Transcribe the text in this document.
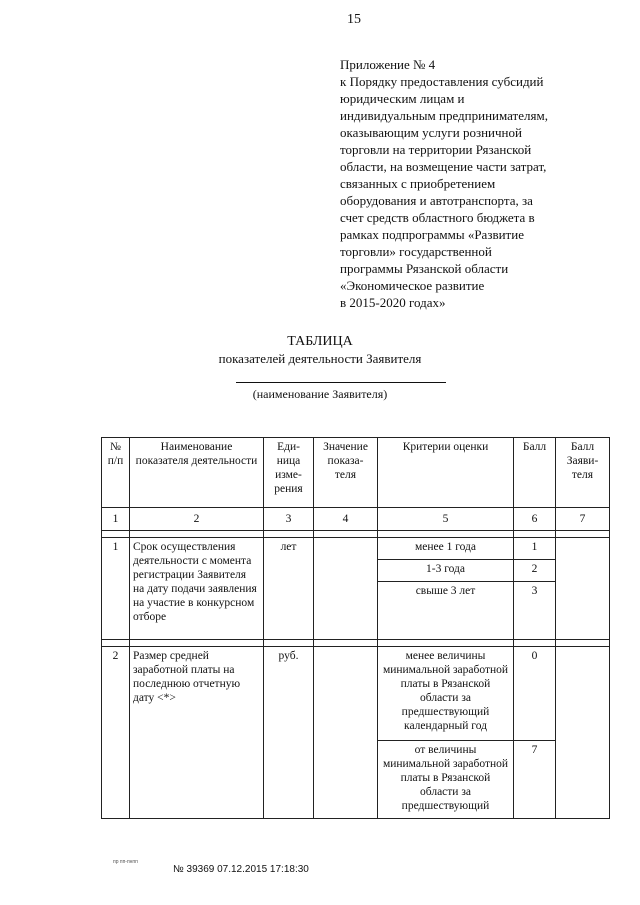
15
Приложение № 4
к Порядку предоставления субсидий
юридическим лицам и
индивидуальным предпринимателям,
оказывающим услуги розничной
торговли на территории Рязанской
области, на возмещение части затрат,
связанных с приобретением
оборудования и автотранспорта, за
счет средств областного бюджета в
рамках подпрограммы «Развитие
торговли» государственной
программы Рязанской области
«Экономическое развитие
в 2015-2020 годах»
ТАБЛИЦА
показателей деятельности Заявителя
(наименование Заявителя)
№ п/п	Наименование показателя деятельности	Еди-ница изме-рения	Значение показа-теля	Критерии оценки	Балл	Балл Заяви-теля
1	2	3	4	5	6	7

1	Срок осуществления деятельности с момента регистрации Заявителя на дату подачи заявления на участие в конкурсном отборе	лет		менее 1 года	1	
				1-3 года	2	
				свыше 3 лет	3	

2	Размер средней заработной платы на последнюю отчетную дату <*>	руб.		менее величины минимальной заработной платы в Рязанской области за предшествующий календарный год	0	
				от величины минимальной заработной платы в Рязанской области за предшествующий	7	
пр пп-пнпп
№ 39369 07.12.2015 17:18:30
